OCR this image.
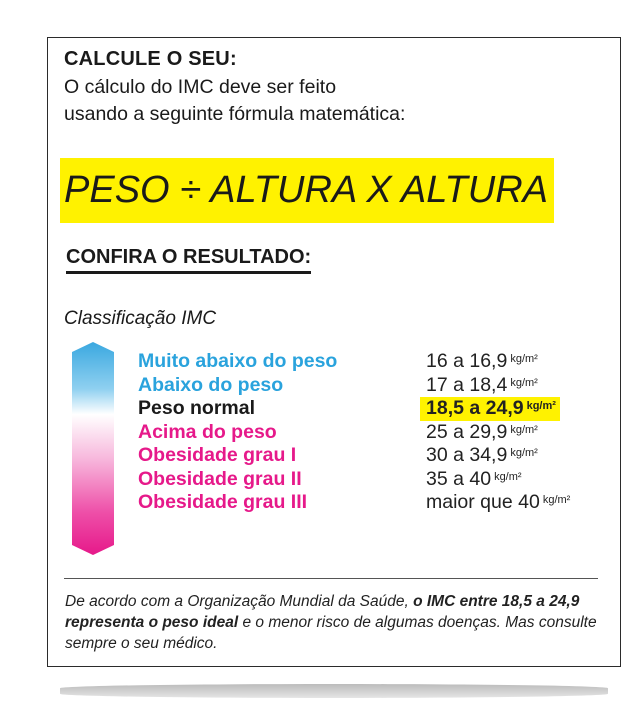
CALCULE O SEU:
O cálculo do IMC deve ser feito
usando a seguinte fórmula matemática:
PESO ÷ ALTURA X ALTURA
CONFIRA O RESULTADO:
Classificação IMC
Muito abaixo do peso
Abaixo do peso
Peso normal
Acima do peso
Obesidade grau I
Obesidade grau II
Obesidade grau III
16 a 16,9 $^{kg/m^2}$
17 a 18,4 $^{kg/m^2}$
18,5 a 24,9 $^{kg/m^2}$
25 a 29,9 $^{kg/m^2}$
30 a 34,9 $^{kg/m^2}$
35 a 40 $^{kg/m^2}$
maior que 40 $^{kg/m^2}$
De acordo com a Organização Mundial da Saúde, o IMC entre 18,5 a 24,9 representa o peso ideal e o menor risco de algumas doenças. Mas consulte sempre o seu médico.
